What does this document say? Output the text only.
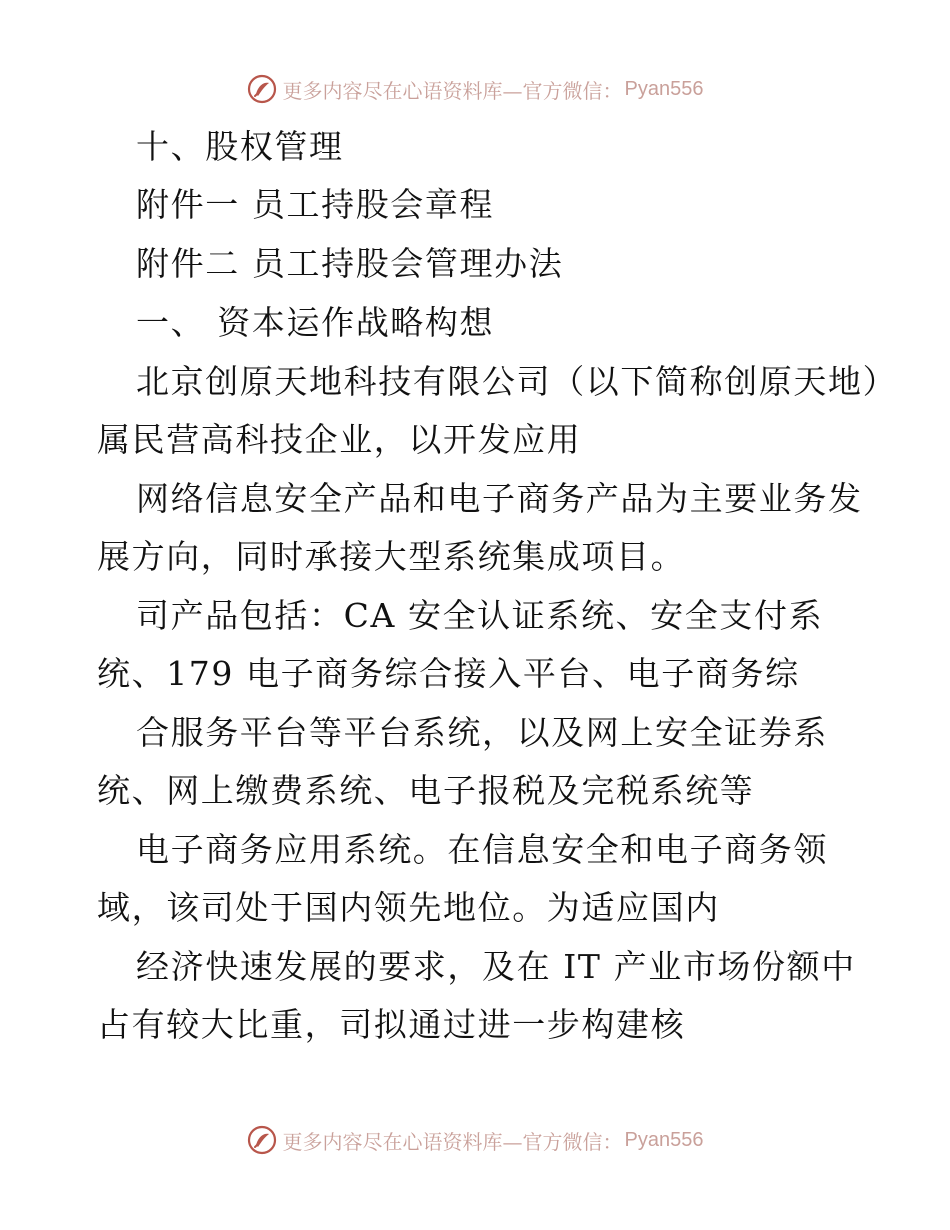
更多内容尽在心语资料库—官方微信： Pyan556
十、股权管理
附件一 员工持股会章程
附件二 员工持股会管理办法
一、 资本运作战略构想
北京创原天地科技有限公司（以下简称创原天地）
属民营高科技企业，以开发应用
网络信息安全产品和电子商务产品为主要业务发
展方向，同时承接大型系统集成项目。
司产品包括：CA 安全认证系统、安全支付系
统、179 电子商务综合接入平台、电子商务综
合服务平台等平台系统，以及网上安全证券系
统、网上缴费系统、电子报税及完税系统等
电子商务应用系统。在信息安全和电子商务领
域，该司处于国内领先地位。为适应国内
经济快速发展的要求，及在 IT 产业市场份额中
占有较大比重，司拟通过进一步构建核
更多内容尽在心语资料库—官方微信： Pyan556
